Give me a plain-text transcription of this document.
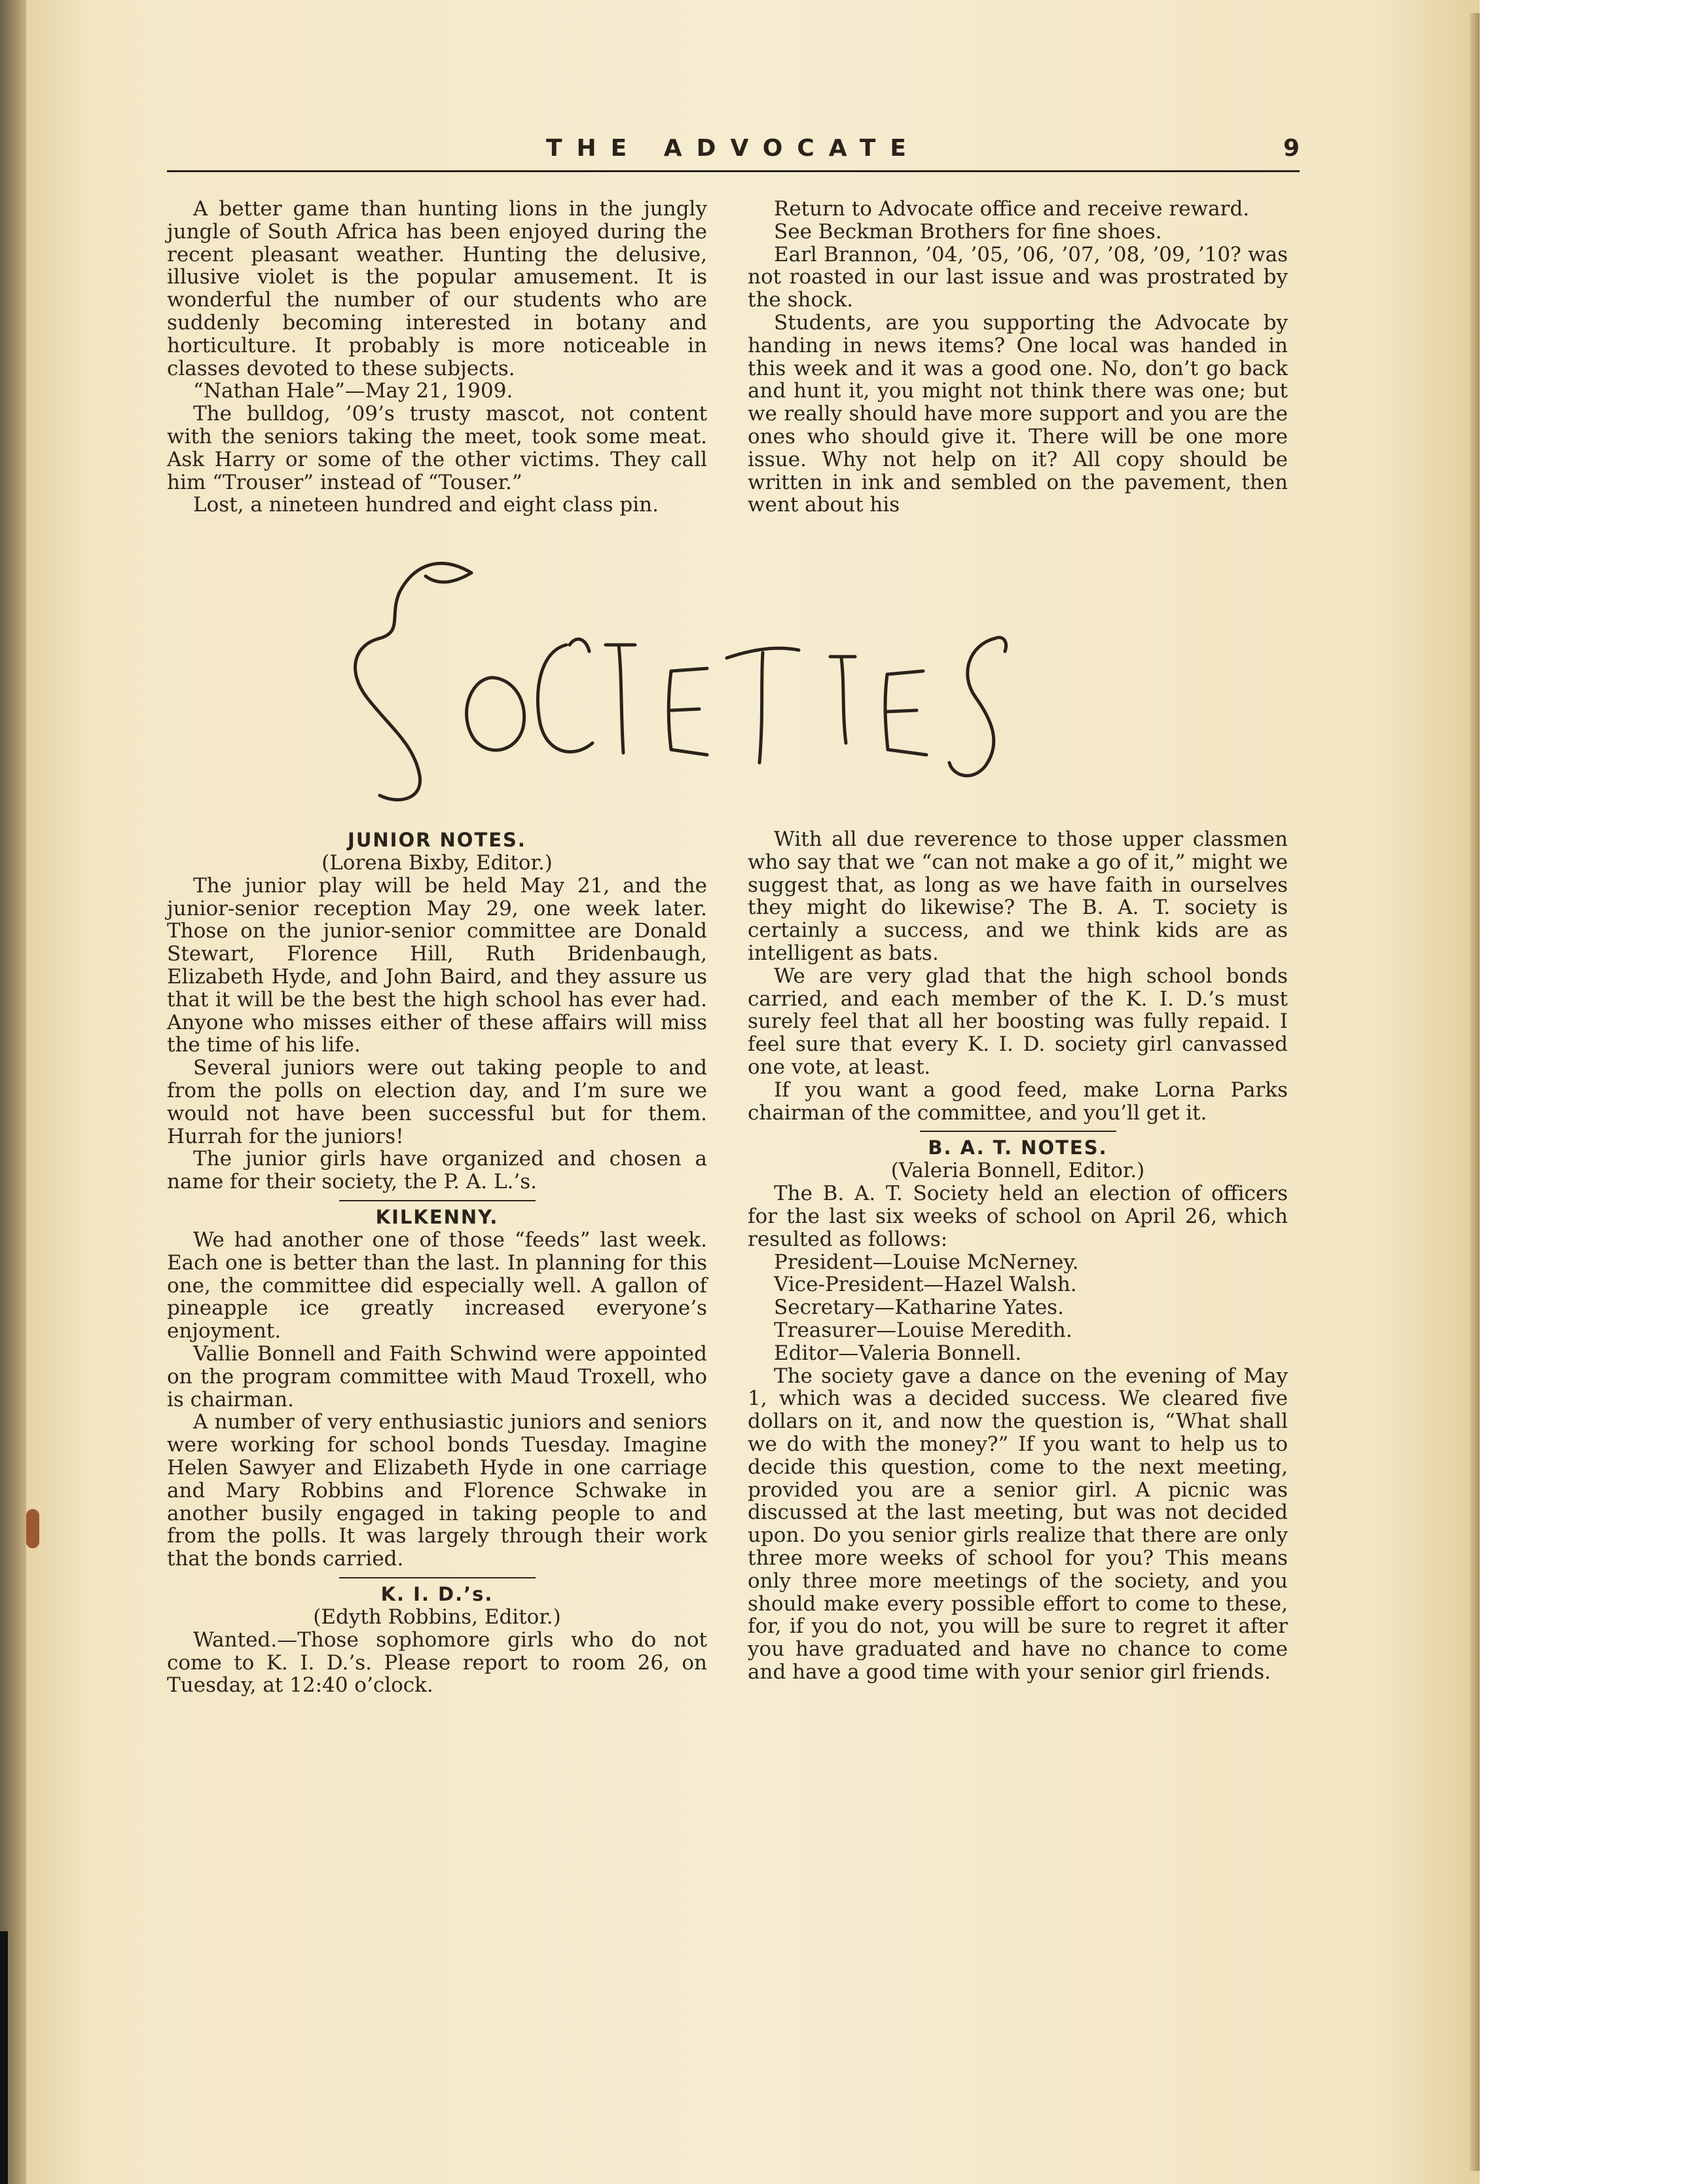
THE ADVOCATE	9

A better game than hunting lions in the jungly jungle of South Africa has been enjoyed during the recent pleasant weather. Hunting the delusive, illusive violet is the popular amusement. It is wonderful the number of our students who are suddenly becoming interested in botany and horticulture. It probably is more noticeable in classes devoted to these subjects.

“Nathan Hale”—May 21, 1909.

The bulldog, ’09’s trusty mascot, not content with the seniors taking the meet, took some meat. Ask Harry or some of the other victims. They call him “Trouser” instead of “Touser.”

Lost, a nineteen hundred and eight class pin.

Return to Advocate office and receive reward.

See Beckman Brothers for fine shoes.

Earl Brannon, ’04, ’05, ’06, ’07, ’08, ’09, ’10? was not roasted in our last issue and was prostrated by the shock.

Students, are you supporting the Advocate by handing in news items? One local was handed in this week and it was a good one. No, don’t go back and hunt it, you might not think there was one; but we really should have more support and you are the ones who should give it. There will be one more issue. Why not help on it? All copy should be written in ink and sembled on the pavement, then went about his

SOCIETIES
JUNIOR NOTES.
(Lorena Bixby, Editor.)

The junior play will be held May 21, and the junior-senior reception May 29, one week later. Those on the junior-senior committee are Donald Stewart, Florence Hill, Ruth Bridenbaugh, Elizabeth Hyde, and John Baird, and they assure us that it will be the best the high school has ever had. Anyone who misses either of these affairs will miss the time of his life.

Several juniors were out taking people to and from the polls on election day, and I’m sure we would not have been successful but for them. Hurrah for the juniors!

The junior girls have organized and chosen a name for their society, the P. A. L.’s.

KILKENNY.

We had another one of those “feeds” last week. Each one is better than the last. In planning for this one, the committee did especially well. A gallon of pineapple ice greatly increased everyone’s enjoyment.

Vallie Bonnell and Faith Schwind were appointed on the program committee with Maud Troxell, who is chairman.

A number of very enthusiastic juniors and seniors were working for school bonds Tuesday. Imagine Helen Sawyer and Elizabeth Hyde in one carriage and Mary Robbins and Florence Schwake in another busily engaged in taking people to and from the polls. It was largely through their work that the bonds carried.

K. I. D.’s.
(Edyth Robbins, Editor.)

Wanted.—Those sophomore girls who do not come to K. I. D.’s. Please report to room 26, on Tuesday, at 12:40 o’clock.

With all due reverence to those upper classmen who say that we “can not make a go of it,” might we suggest that, as long as we have faith in ourselves they might do likewise? The B. A. T. society is certainly a success, and we think kids are as intelligent as bats.

We are very glad that the high school bonds carried, and each member of the K. I. D.’s must surely feel that all her boosting was fully repaid. I feel sure that every K. I. D. society girl canvassed one vote, at least.

If you want a good feed, make Lorna Parks chairman of the committee, and you’ll get it.

B. A. T. NOTES.
(Valeria Bonnell, Editor.)

The B. A. T. Society held an election of officers for the last six weeks of school on April 26, which resulted as follows:

President—Louise McNerney.

Vice-President—Hazel Walsh.

Secretary—Katharine Yates.

Treasurer—Louise Meredith.

Editor—Valeria Bonnell.

The society gave a dance on the evening of May 1, which was a decided success. We cleared five dollars on it, and now the question is, “What shall we do with the money?” If you want to help us to decide this question, come to the next meeting, provided you are a senior girl. A picnic was discussed at the last meeting, but was not decided upon. Do you senior girls realize that there are only three more weeks of school for you? This means only three more meetings of the society, and you should make every possible effort to come to these, for, if you do not, you will be sure to regret it after you have graduated and have no chance to come and have a good time with your senior girl friends.
